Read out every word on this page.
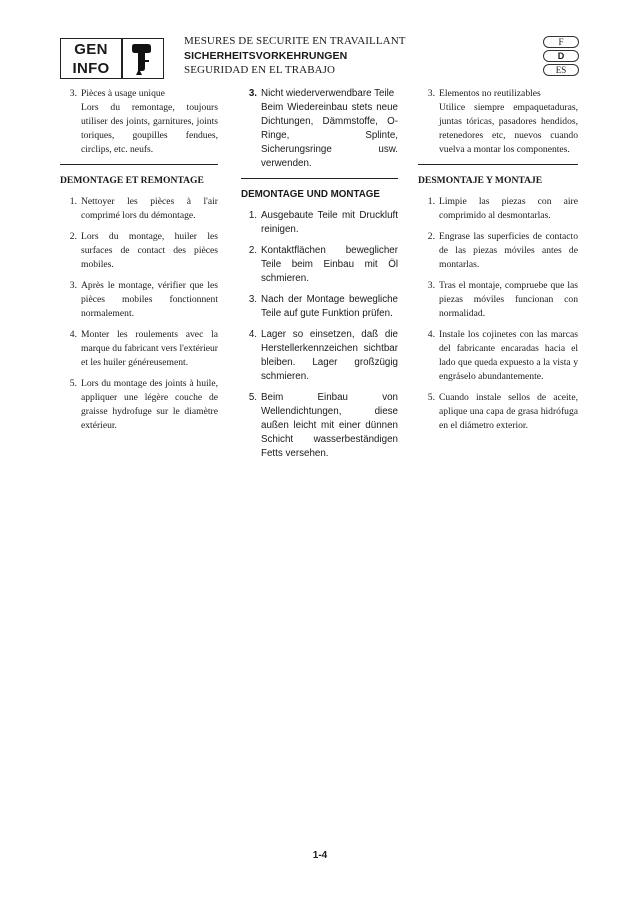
GEN
INFO
MESURES DE SECURITE EN TRAVAILLANT
SICHERHEITSVORKEHRUNGEN
SEGURIDAD EN EL TRABAJO
F
D
ES
3. Pièces à usage unique
Lors du remontage, toujours utiliser des joints, garnitures, joints toriques, goupilles fendues, circlips, etc. neufs.
DEMONTAGE ET REMONTAGE
1. Nettoyer les pièces à l'air comprimé lors du démontage.
2. Lors du montage, huiler les surfaces de contact des pièces mobiles.
3. Après le montage, vérifier que les pièces mobiles fonctionnent normalement.
4. Monter les roulements avec la marque du fabricant vers l'extérieur et les huiler généreusement.
5. Lors du montage des joints à huile, appliquer une légère couche de graisse hydrofuge sur le diamètre extérieur.
3. Nicht wiederverwendbare Teile
Beim Wiedereinbau stets neue Dichtungen, Dämmstoffe, O-Ringe, Splinte, Sicherungsringe usw. verwenden.
DEMONTAGE UND MONTAGE
1. Ausgebaute Teile mit Druckluft reinigen.
2. Kontaktflächen beweglicher Teile beim Einbau mit Öl schmieren.
3. Nach der Montage bewegliche Teile auf gute Funktion prüfen.
4. Lager so einsetzen, daß die Herstellerkennzeichen sichtbar bleiben. Lager großzügig schmieren.
5. Beim Einbau von Wellendichtungen, diese außen leicht mit einer dünnen Schicht wasserbeständigen Fetts versehen.
3. Elementos no reutilizables
Utilice siempre empaquetaduras, juntas tóricas, pasadores hendidos, retenedores etc, nuevos cuando vuelva a montar los componentes.
DESMONTAJE Y MONTAJE
1. Limpie las piezas con aire comprimido al desmontarlas.
2. Engrase las superficies de contacto de las piezas móviles antes de montarlas.
3. Tras el montaje, compruebe que las piezas móviles funcionan con normalidad.
4. Instale los cojinetes con las marcas del fabricante encaradas hacia el lado que queda expuesto a la vista y engráselo abundantemente.
5. Cuando instale sellos de aceite, aplique una capa de grasa hidrófuga en el diámetro exterior.
1-4
